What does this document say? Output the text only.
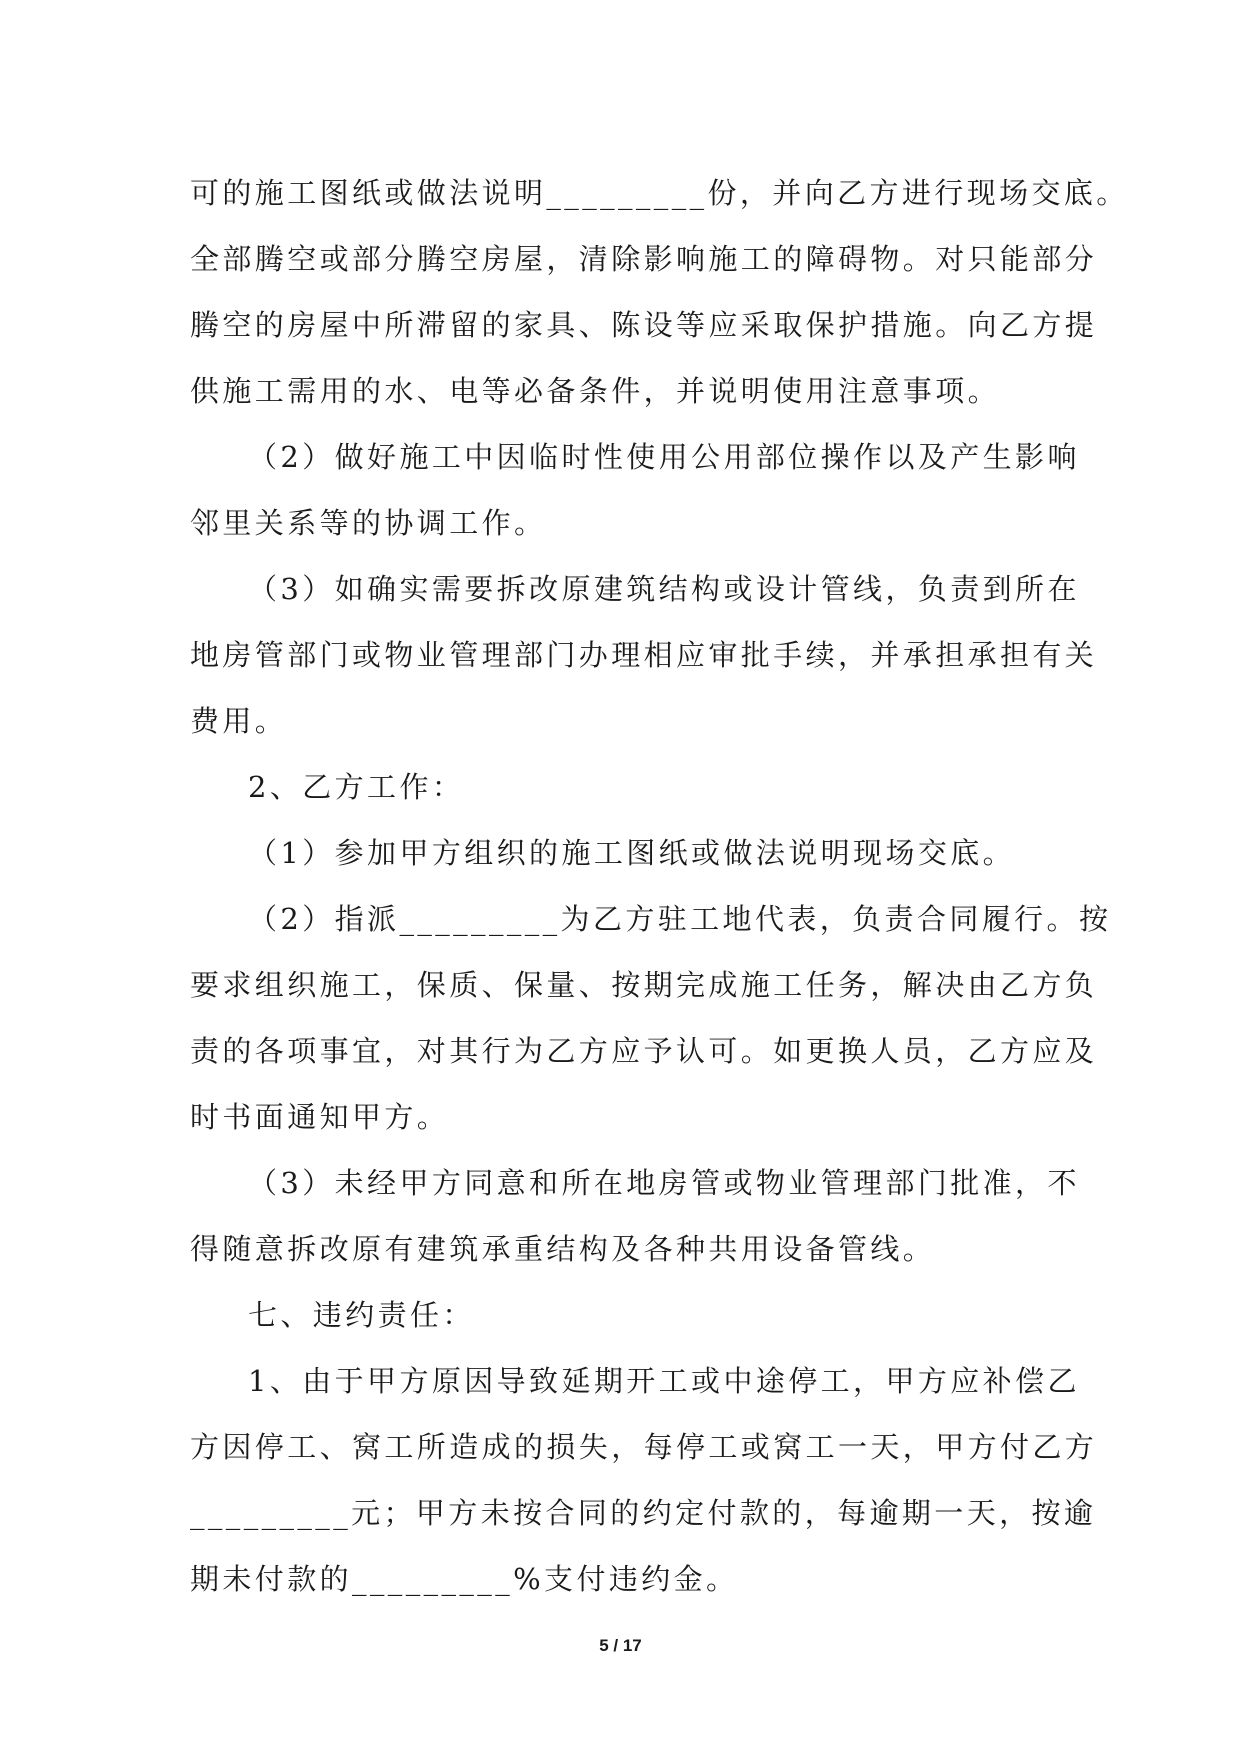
可的施工图纸或做法说明_________份，并向乙方进行现场交底。
全部腾空或部分腾空房屋，清除影响施工的障碍物。对只能部分
腾空的房屋中所滞留的家具、陈设等应采取保护措施。向乙方提
供施工需用的水、电等必备条件，并说明使用注意事项。
（2）做好施工中因临时性使用公用部位操作以及产生影响
邻里关系等的协调工作。
（3）如确实需要拆改原建筑结构或设计管线，负责到所在
地房管部门或物业管理部门办理相应审批手续，并承担承担有关
费用。
2、乙方工作：
（1）参加甲方组织的施工图纸或做法说明现场交底。
（2）指派_________为乙方驻工地代表，负责合同履行。按
要求组织施工，保质、保量、按期完成施工任务，解决由乙方负
责的各项事宜，对其行为乙方应予认可。如更换人员，乙方应及
时书面通知甲方。
（3）未经甲方同意和所在地房管或物业管理部门批准，不
得随意拆改原有建筑承重结构及各种共用设备管线。
七、违约责任：
1、由于甲方原因导致延期开工或中途停工，甲方应补偿乙
方因停工、窝工所造成的损失，每停工或窝工一天，甲方付乙方
_________元；甲方未按合同的约定付款的，每逾期一天，按逾
期未付款的_________%支付违约金。
5 / 17
